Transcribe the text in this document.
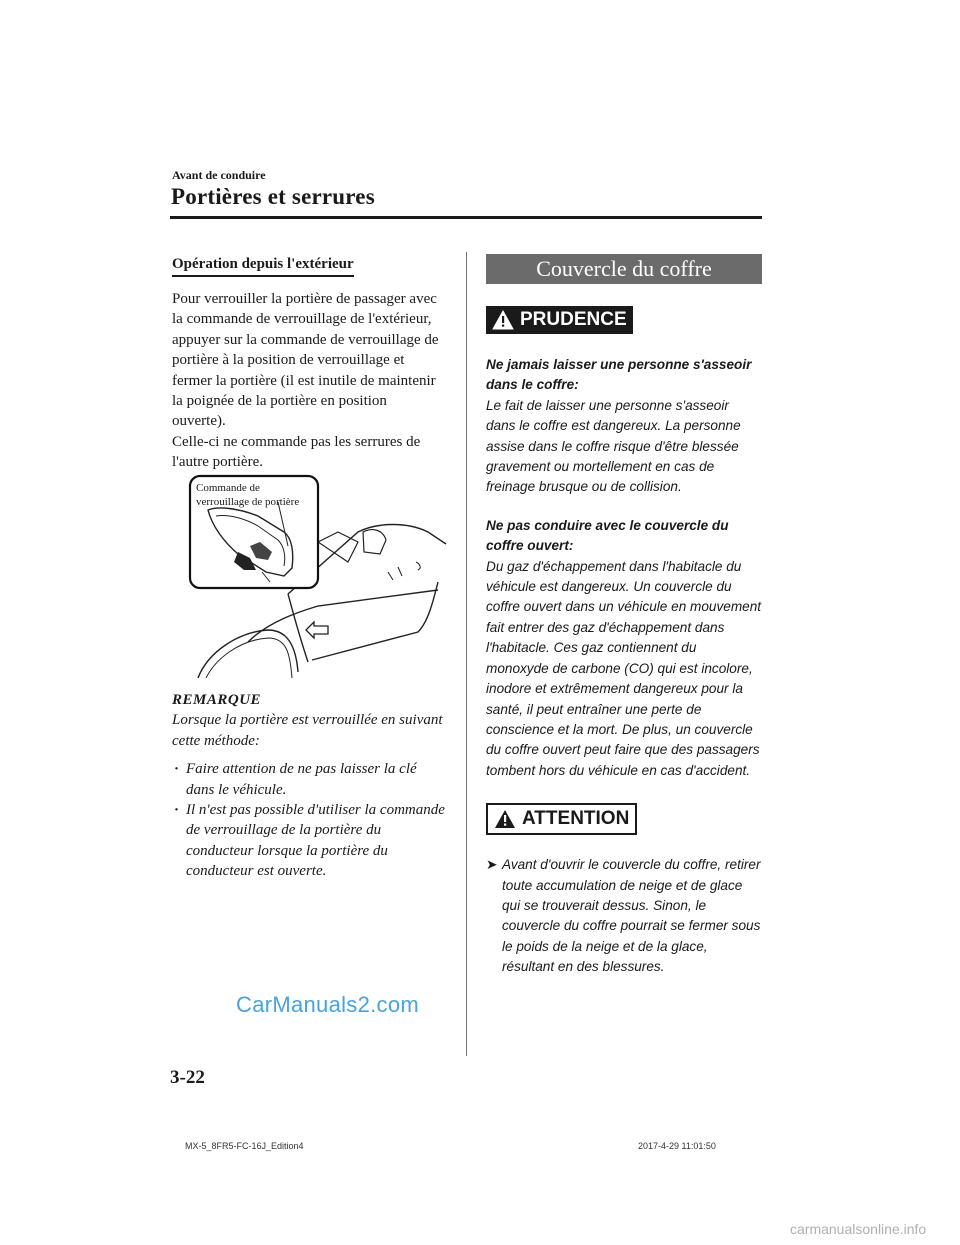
Avant de conduire
Portières et serrures
Opération depuis l'extérieur
Pour verrouiller la portière de passager avec la commande de verrouillage de l'extérieur, appuyer sur la commande de verrouillage de portière à la position de verrouillage et fermer la portière (il est inutile de maintenir la poignée de la portière en position ouverte).
Celle-ci ne commande pas les serrures de l'autre portière.
Commande de
verrouillage de portière
REMARQUE
Lorsque la portière est verrouillée en suivant cette méthode:
· Faire attention de ne pas laisser la clé dans le véhicule.
· Il n'est pas possible d'utiliser la commande de verrouillage de la portière du conducteur lorsque la portière du conducteur est ouverte.
Couvercle du coffre
PRUDENCE
Ne jamais laisser une personne s'asseoir dans le coffre:
Le fait de laisser une personne s'asseoir dans le coffre est dangereux. La personne assise dans le coffre risque d'être blessée gravement ou mortellement en cas de freinage brusque ou de collision.
Ne pas conduire avec le couvercle du coffre ouvert:
Du gaz d'échappement dans l'habitacle du véhicule est dangereux. Un couvercle du coffre ouvert dans un véhicule en mouvement fait entrer des gaz d'échappement dans l'habitacle. Ces gaz contiennent du monoxyde de carbone (CO) qui est incolore, inodore et extrêmement dangereux pour la santé, il peut entraîner une perte de conscience et la mort. De plus, un couvercle du coffre ouvert peut faire que des passagers tombent hors du véhicule en cas d'accident.
ATTENTION
➤ Avant d'ouvrir le couvercle du coffre, retirer toute accumulation de neige et de glace qui se trouverait dessus. Sinon, le couvercle du coffre pourrait se fermer sous le poids de la neige et de la glace, résultant en des blessures.
3-22
MX-5_8FR5-FC-16J_Edition4	2017-4-29 11:01:50
CarManuals2.com
carmanualsonline.info
